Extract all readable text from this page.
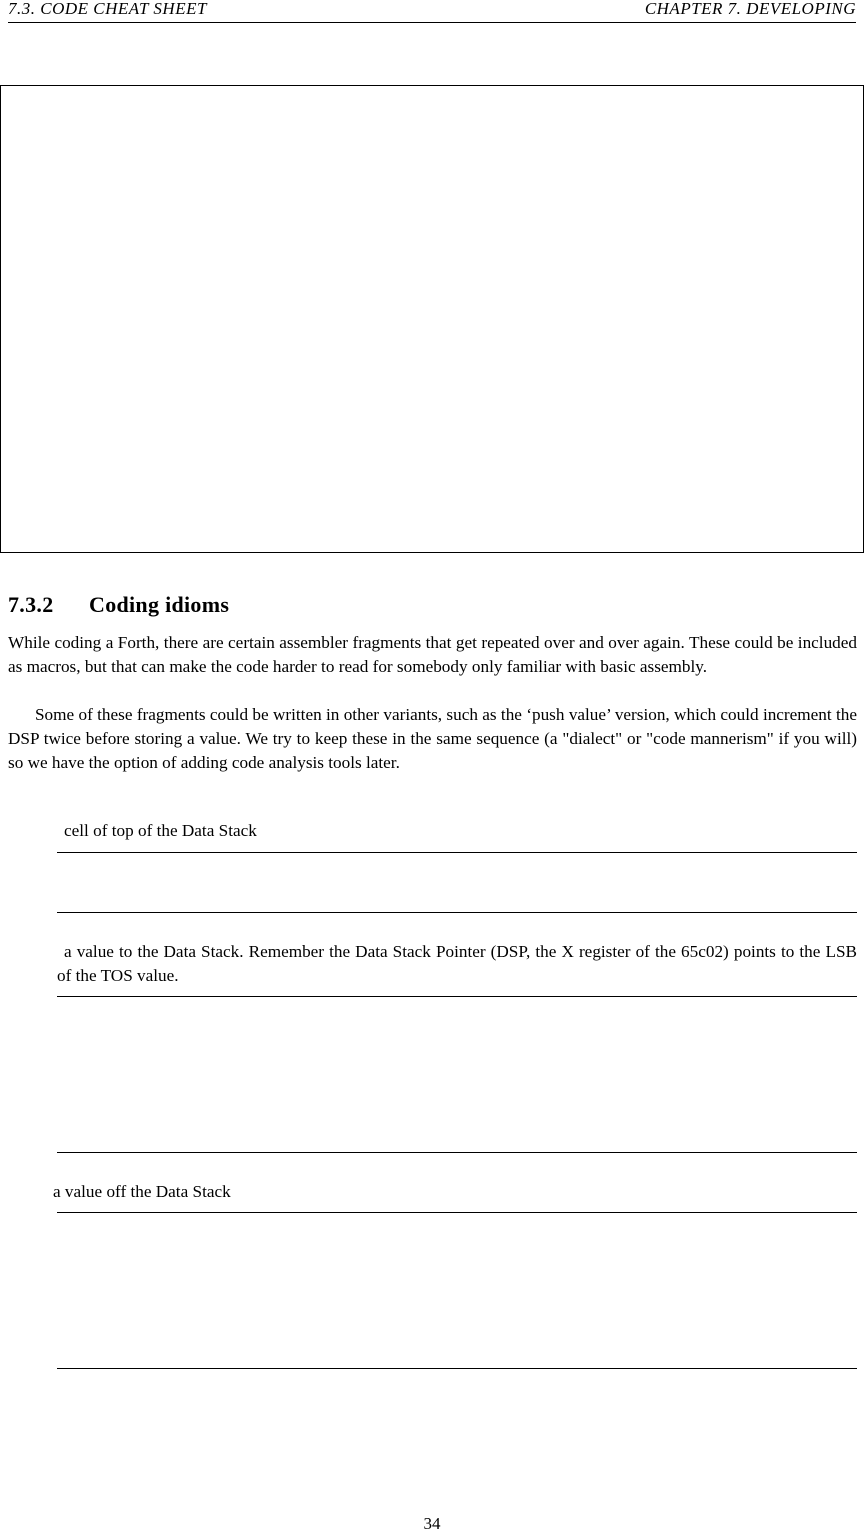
7.3. CODE CHEAT SHEET	CHAPTER 7. DEVELOPING
7.3.2 Coding idioms

While coding a Forth, there are certain assembler fragments that get repeated over and over again. These could be included as macros, but that can make the code harder to read for somebody only familiar with basic assembly.

Some of these fragments could be written in other variants, such as the ‘push value’ version, which could increment the DSP twice before storing a value. We try to keep these in the same sequence (a "dialect" or "code mannerism" if you will) so we have the option of adding code analysis tools later.

cell of top of the Data Stack
a value to the Data Stack. Remember the Data Stack Pointer (DSP, the X register of the 65c02) points to the LSB of the TOS value.
a value off the Data Stack
34
